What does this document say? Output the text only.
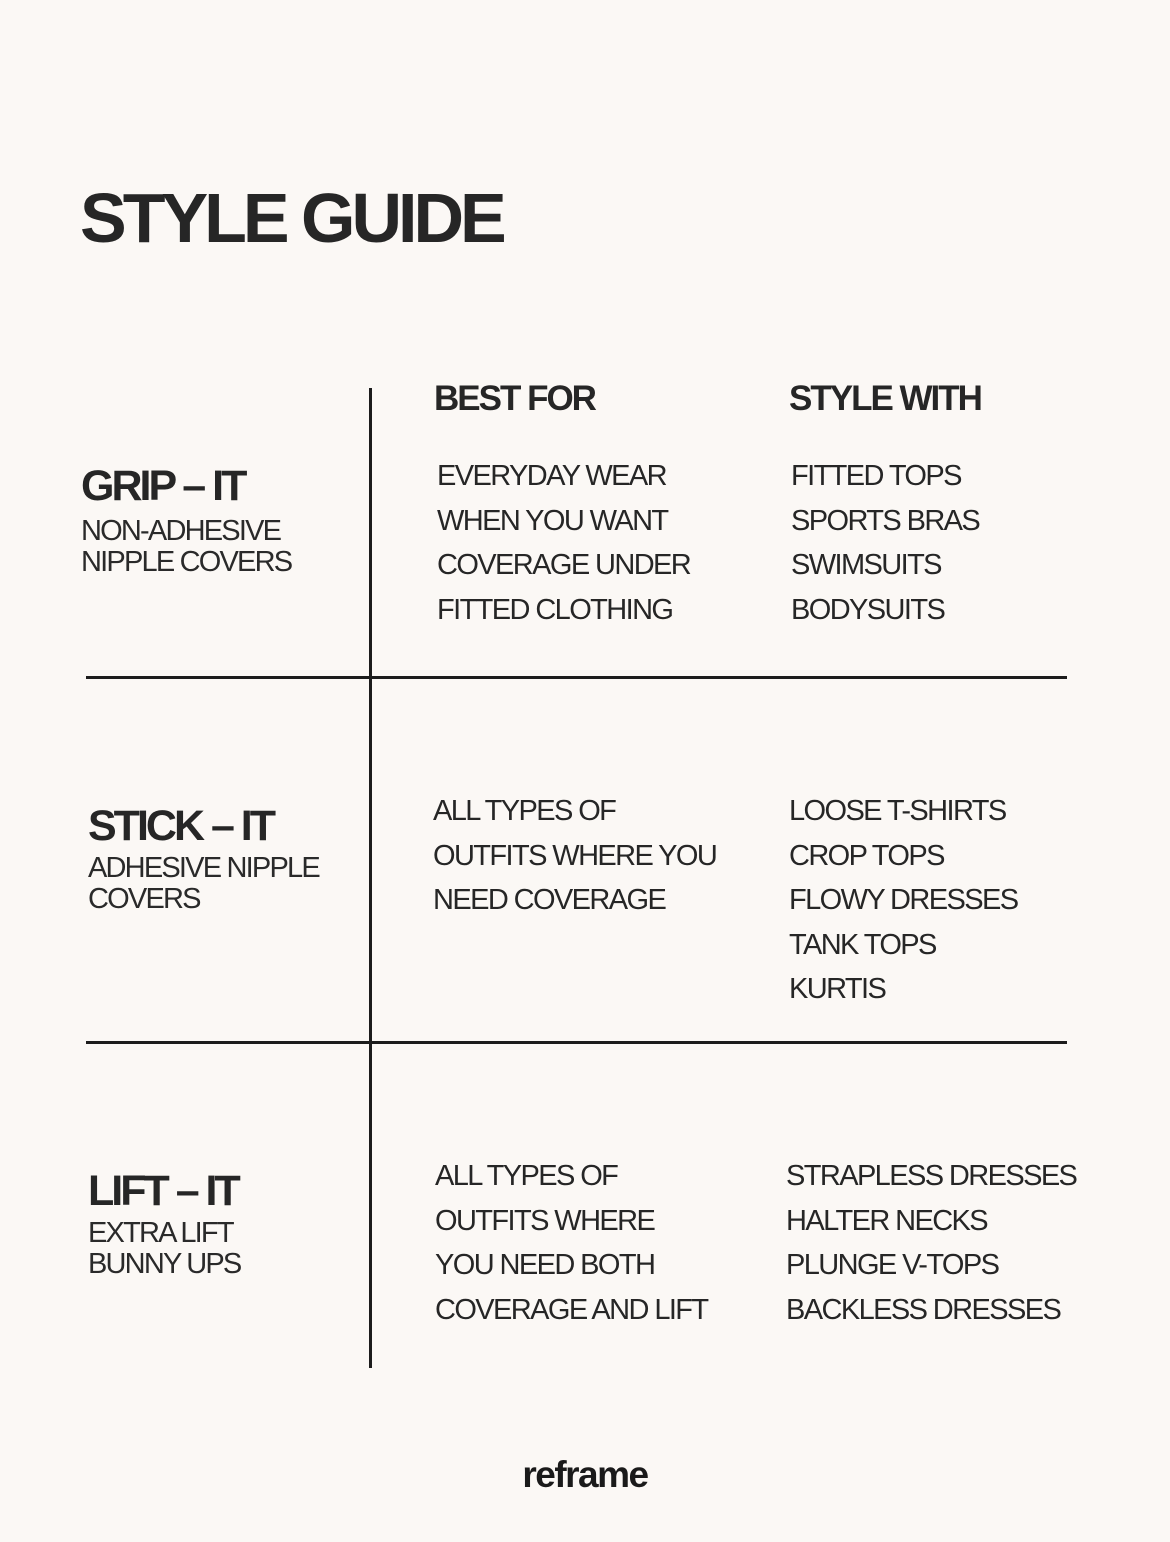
STYLE GUIDE
BEST FOR	STYLE WITH
GRIP – IT
NON-ADHESIVE
NIPPLE COVERS
EVERYDAY WEAR
WHEN YOU WANT
COVERAGE UNDER
FITTED CLOTHING
FITTED TOPS
SPORTS BRAS
SWIMSUITS
BODYSUITS
STICK – IT
ADHESIVE NIPPLE
COVERS
ALL TYPES OF
OUTFITS WHERE YOU
NEED COVERAGE
LOOSE T-SHIRTS
CROP TOPS
FLOWY DRESSES
TANK TOPS
KURTIS
LIFT – IT
EXTRA LIFT
BUNNY UPS
ALL TYPES OF
OUTFITS WHERE
YOU NEED BOTH
COVERAGE AND LIFT
STRAPLESS DRESSES
HALTER NECKS
PLUNGE V-TOPS
BACKLESS DRESSES
reframe
